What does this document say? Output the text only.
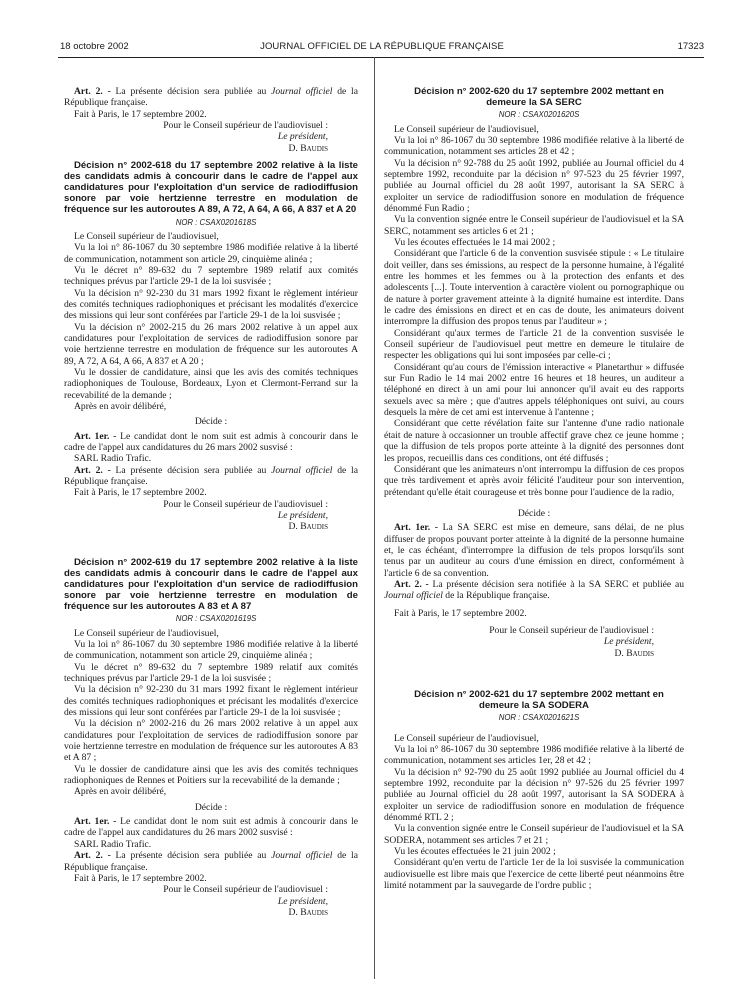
18 octobre 2002	JOURNAL OFFICIEL DE LA RÉPUBLIQUE FRANÇAISE	17323

Art. 2. - La présente décision sera publiée au Journal officiel de la République française.

Fait à Paris, le 17 septembre 2002.

Pour le Conseil supérieur de l'audiovisuel :

Le président,

D. Baudis

Décision n° 2002-618 du 17 septembre 2002 relative à la liste des candidats admis à concourir dans le cadre de l'appel aux candidatures pour l'exploitation d'un service de radiodiffusion sonore par voie hertzienne terrestre en modulation de fréquence sur les autoroutes A 89, A 72, A 64, A 66, A 837 et A 20

NOR : CSAX0201618S

Le Conseil supérieur de l'audiovisuel,

Vu la loi n° 86-1067 du 30 septembre 1986 modifiée relative à la liberté de communication, notamment son article 29, cinquième alinéa ;

Vu le décret n° 89-632 du 7 septembre 1989 relatif aux comités techniques prévus par l'article 29-1 de la loi susvisée ;

Vu la décision n° 92-230 du 31 mars 1992 fixant le règlement intérieur des comités techniques radiophoniques et précisant les modalités d'exercice des missions qui leur sont conférées par l'article 29-1 de la loi susvisée ;

Vu la décision n° 2002-215 du 26 mars 2002 relative à un appel aux candidatures pour l'exploitation de services de radiodiffusion sonore par voie hertzienne terrestre en modulation de fréquence sur les autoroutes A 89, A 72, A 64, A 66, A 837 et A 20 ;

Vu le dossier de candidature, ainsi que les avis des comités techniques radiophoniques de Toulouse, Bordeaux, Lyon et Clermont-Ferrand sur la recevabilité de la demande ;

Après en avoir délibéré,

Décide :

Art. 1er. - Le candidat dont le nom suit est admis à concourir dans le cadre de l'appel aux candidatures du 26 mars 2002 susvisé :

SARL Radio Trafic.

Art. 2. - La présente décision sera publiée au Journal officiel de la République française.

Fait à Paris, le 17 septembre 2002.

Pour le Conseil supérieur de l'audiovisuel :

Le président,

D. Baudis

Décision n° 2002-619 du 17 septembre 2002 relative à la liste des candidats admis à concourir dans le cadre de l'appel aux candidatures pour l'exploitation d'un service de radiodiffusion sonore par voie hertzienne terrestre en modulation de fréquence sur les autoroutes A 83 et A 87

NOR : CSAX0201619S

Le Conseil supérieur de l'audiovisuel,

Vu la loi n° 86-1067 du 30 septembre 1986 modifiée relative à la liberté de communication, notamment son article 29, cinquième alinéa ;

Vu le décret n° 89-632 du 7 septembre 1989 relatif aux comités techniques prévus par l'article 29-1 de la loi susvisée ;

Vu la décision n° 92-230 du 31 mars 1992 fixant le règlement intérieur des comités techniques radiophoniques et précisant les modalités d'exercice des missions qui leur sont conférées par l'article 29-1 de la loi susvisée ;

Vu la décision n° 2002-216 du 26 mars 2002 relative à un appel aux candidatures pour l'exploitation de services de radiodiffusion sonore par voie hertzienne terrestre en modulation de fréquence sur les autoroutes A 83 et A 87 ;

Vu le dossier de candidature ainsi que les avis des comités techniques radiophoniques de Rennes et Poitiers sur la recevabilité de la demande ;

Après en avoir délibéré,

Décide :

Art. 1er. - Le candidat dont le nom suit est admis à concourir dans le cadre de l'appel aux candidatures du 26 mars 2002 susvisé :

SARL Radio Trafic.

Art. 2. - La présente décision sera publiée au Journal officiel de la République française.

Fait à Paris, le 17 septembre 2002.

Pour le Conseil supérieur de l'audiovisuel :

Le président,

D. Baudis

Décision n° 2002-620 du 17 septembre 2002 mettant en demeure la SA SERC

NOR : CSAX0201620S

Le Conseil supérieur de l'audiovisuel,

Vu la loi n° 86-1067 du 30 septembre 1986 modifiée relative à la liberté de communication, notamment ses articles 28 et 42 ;

Vu la décision n° 92-788 du 25 août 1992, publiée au Journal officiel du 4 septembre 1992, reconduite par la décision n° 97-523 du 25 février 1997, publiée au Journal officiel du 28 août 1997, autorisant la SA SERC à exploiter un service de radiodiffusion sonore en modulation de fréquence dénommé Fun Radio ;

Vu la convention signée entre le Conseil supérieur de l'audiovisuel et la SA SERC, notamment ses articles 6 et 21 ;

Vu les écoutes effectuées le 14 mai 2002 ;

Considérant que l'article 6 de la convention susvisée stipule : « Le titulaire doit veiller, dans ses émissions, au respect de la personne humaine, à l'égalité entre les hommes et les femmes ou à la protection des enfants et des adolescents [...]. Toute intervention à caractère violent ou pornographique ou de nature à porter gravement atteinte à la dignité humaine est interdite. Dans le cadre des émissions en direct et en cas de doute, les animateurs doivent interrompre la diffusion des propos tenus par l'auditeur » ;

Considérant qu'aux termes de l'article 21 de la convention susvisée le Conseil supérieur de l'audiovisuel peut mettre en demeure le titulaire de respecter les obligations qui lui sont imposées par celle-ci ;

Considérant qu'au cours de l'émission interactive « Planetarthur » diffusée sur Fun Radio le 14 mai 2002 entre 16 heures et 18 heures, un auditeur a téléphoné en direct à un ami pour lui annoncer qu'il avait eu des rapports sexuels avec sa mère ; que d'autres appels téléphoniques ont suivi, au cours desquels la mère de cet ami est intervenue à l'antenne ;

Considérant que cette révélation faite sur l'antenne d'une radio nationale était de nature à occasionner un trouble affectif grave chez ce jeune homme ; que la diffusion de tels propos porte atteinte à la dignité des personnes dont les propos, recueillis dans ces conditions, ont été diffusés ;

Considérant que les animateurs n'ont interrompu la diffusion de ces propos que très tardivement et après avoir félicité l'auditeur pour son intervention, prétendant qu'elle était courageuse et très bonne pour l'audience de la radio,

Décide :

Art. 1er. - La SA SERC est mise en demeure, sans délai, de ne plus diffuser de propos pouvant porter atteinte à la dignité de la personne humaine et, le cas échéant, d'interrompre la diffusion de tels propos lorsqu'ils sont tenus par un auditeur au cours d'une émission en direct, conformément à l'article 6 de sa convention.

Art. 2. - La présente décision sera notifiée à la SA SERC et publiée au Journal officiel de la République française.

Fait à Paris, le 17 septembre 2002.

Pour le Conseil supérieur de l'audiovisuel :

Le président,

D. Baudis

Décision n° 2002-621 du 17 septembre 2002 mettant en demeure la SA SODERA

NOR : CSAX0201621S

Le Conseil supérieur de l'audiovisuel,

Vu la loi n° 86-1067 du 30 septembre 1986 modifiée relative à la liberté de communication, notamment ses articles 1er, 28 et 42 ;

Vu la décision n° 92-790 du 25 août 1992 publiée au Journal officiel du 4 septembre 1992, reconduite par la décision n° 97-526 du 25 février 1997 publiée au Journal officiel du 28 août 1997, autorisant la SA SODERA à exploiter un service de radiodiffusion sonore en modulation de fréquence dénommé RTL 2 ;

Vu la convention signée entre le Conseil supérieur de l'audiovisuel et la SA SODERA, notamment ses articles 7 et 21 ;

Vu les écoutes effectuées le 21 juin 2002 ;

Considérant qu'en vertu de l'article 1er de la loi susvisée la communication audiovisuelle est libre mais que l'exercice de cette liberté peut néanmoins être limité notamment par la sauvegarde de l'ordre public ;
